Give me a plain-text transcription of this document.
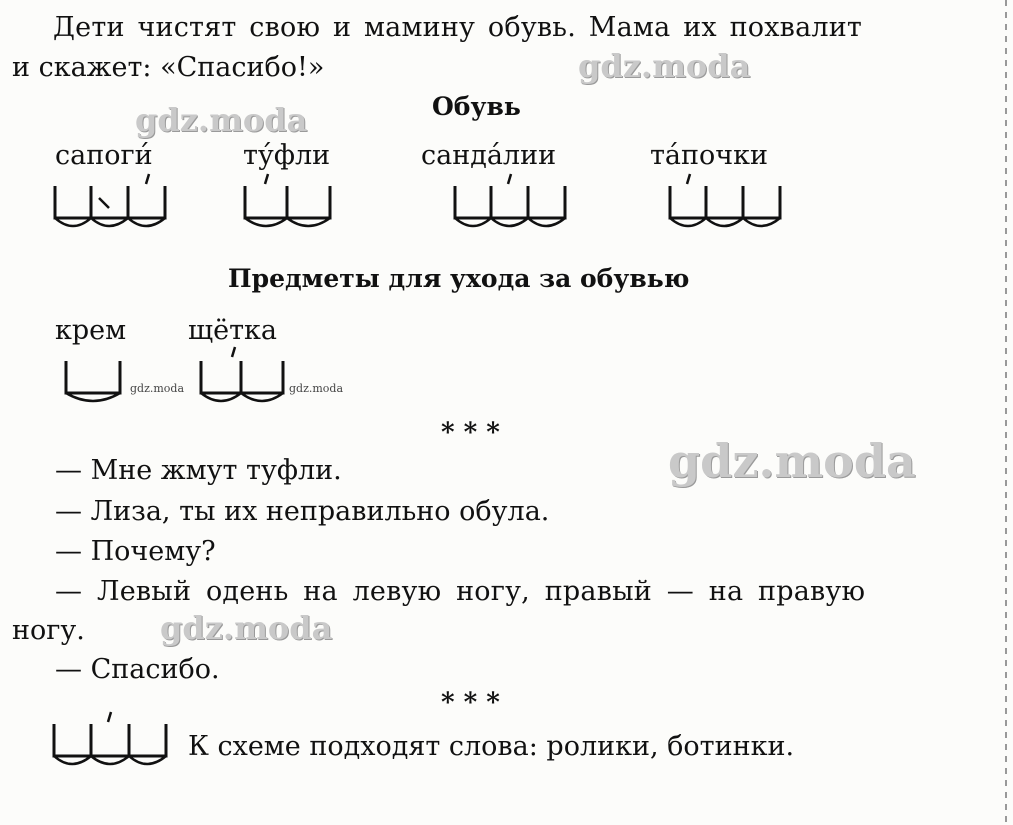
Дети чистят свою и мамину обувь. Мама их похвалит
и скажет: «Спасибо!»
Обувь
сапоги́	ту́фли	санда́лии	та́почки
Предметы для ухода за обувью
крем щётка
* * *
— Мне жмут туфли.
— Лиза, ты их неправильно обула.
— Почему?
— Левый одень на левую ногу, правый — на правую
ногу.
— Спасибо.
* * *
К схеме подходят слова: ролики, ботинки.
gdz.moda
gdz.moda
gdz.moda
gdz.moda
gdz.moda	gdz.moda
